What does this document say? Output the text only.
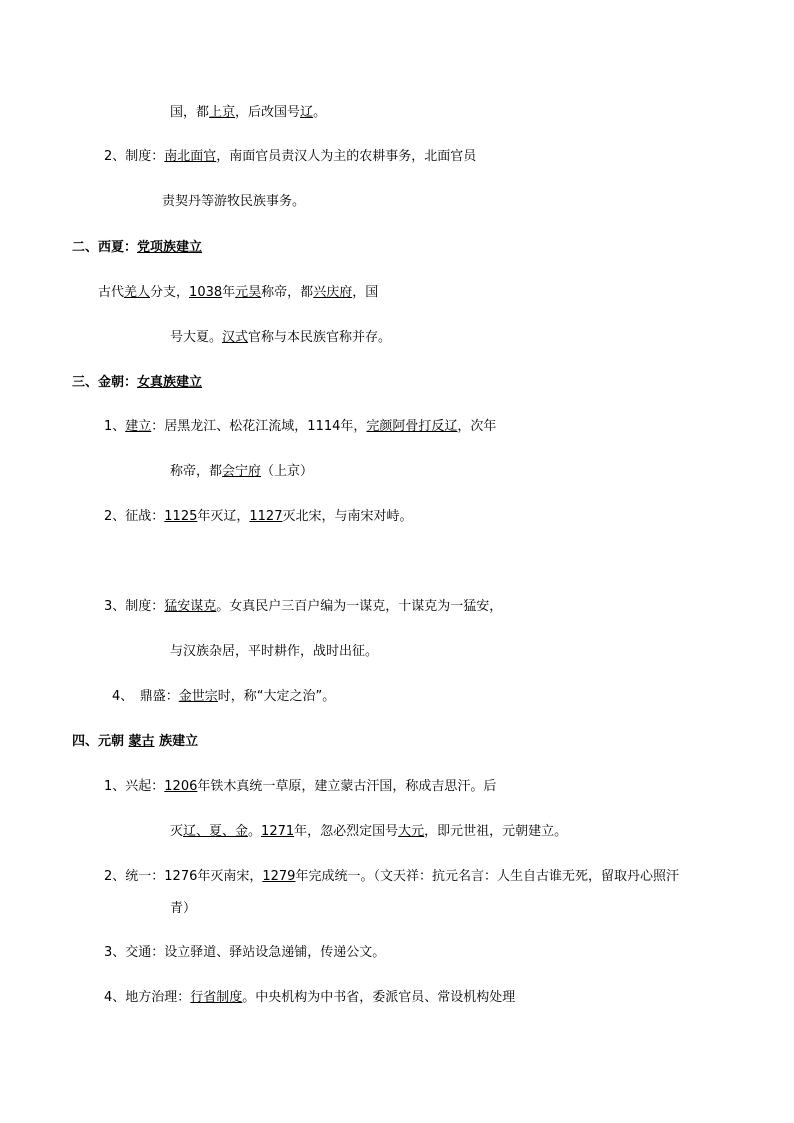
国，都上京，后改国号辽。
2、制度：南北面官，南面官员责汉人为主的农耕事务，北面官员
责契丹等游牧民族事务。
二、西夏：党项族建立
古代羌人分支，1038年元昊称帝，都兴庆府，国
号大夏。汉式官称与本民族官称并存。
三、金朝：女真族建立
1、建立：居黑龙江、松花江流域，1114年，完颜阿骨打反辽，次年
称帝，都会宁府（上京）
2、征战：1125年灭辽，1127灭北宋，与南宋对峙。
3、制度：猛安谋克。女真民户三百户编为一谋克，十谋克为一猛安，
与汉族杂居，平时耕作，战时出征。
4、　鼎盛：金世宗时，称“大定之治”。
四、元朝 蒙古 族建立
1、兴起：1206年铁木真统一草原，建立蒙古汗国，称成吉思汗。后
灭辽、夏、金。1271年，忽必烈定国号大元，即元世祖，元朝建立。
2、统一：1276年灭南宋，1279年完成统一。（文天祥：抗元名言：人生自古谁无死，留取丹心照汗
青）
3、交通：设立驿道、驿站设急递铺，传递公文。
4、地方治理：行省制度。中央机构为中书省，委派官员、常设机构处理
